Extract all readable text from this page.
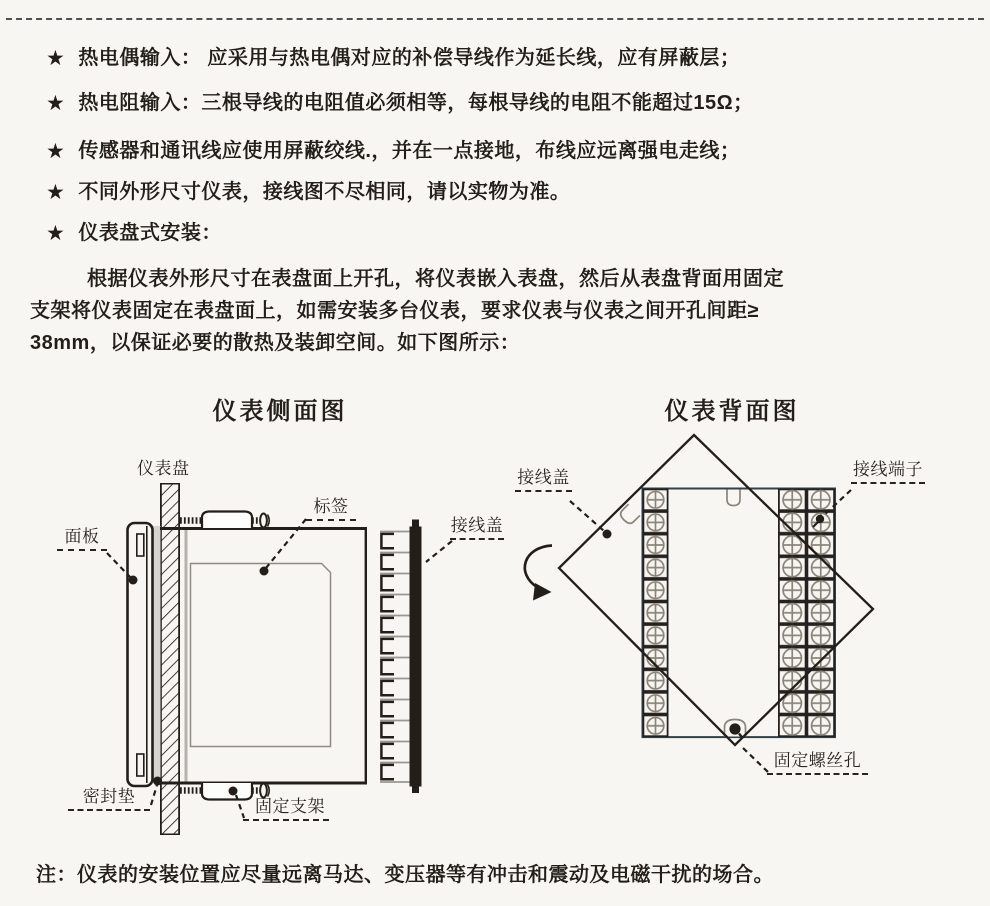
★ 热电偶输入： 应采用与热电偶对应的补偿导线作为延长线，应有屏蔽层；
★ 热电阻输入：三根导线的电阻值必须相等，每根导线的电阻不能超过15Ω；
★ 传感器和通讯线应使用屏蔽绞线.，并在一点接地，布线应远离强电走线；
★ 不同外形尺寸仪表，接线图不尽相同，请以实物为准。
★ 仪表盘式安装：
根据仪表外形尺寸在表盘面上开孔，将仪表嵌入表盘，然后从表盘背面用固定
支架将仪表固定在表盘面上，如需安装多台仪表，要求仪表与仪表之间开孔间距≥
38mm，以保证必要的散热及装卸空间。如下图所示：
仪表侧面图	仪表背面图
仪表盘
面板
标签
接线盖
密封垫
固定支架
接线盖	接线端子
固定螺丝孔
注：仪表的安装位置应尽量远离马达、变压器等有冲击和震动及电磁干扰的场合。
